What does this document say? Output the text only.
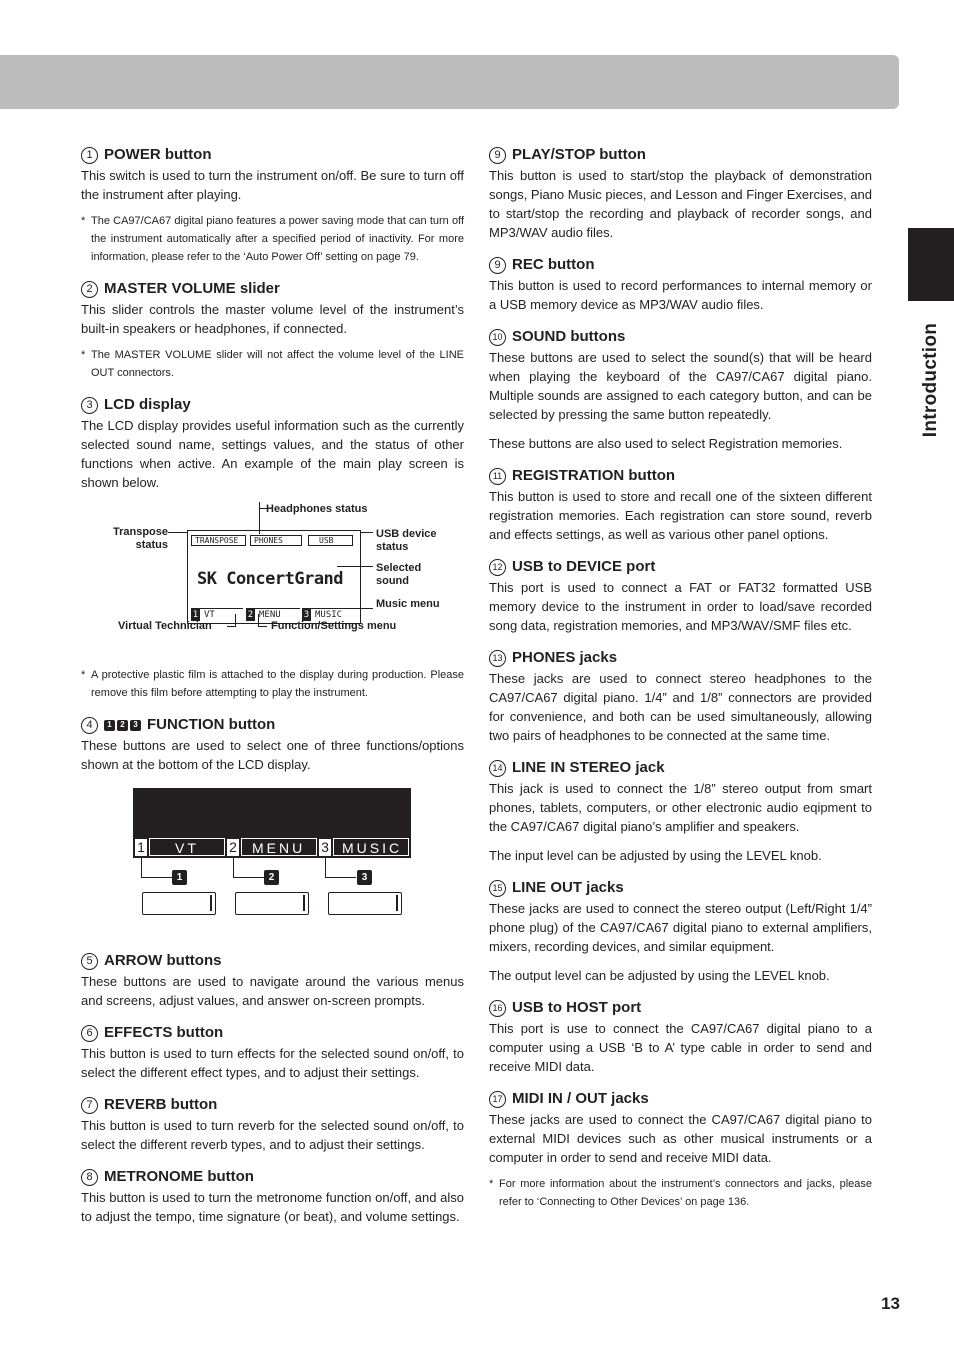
Introduction
1 POWER button

This switch is used to turn the instrument on/off. Be sure to turn off the instrument after playing.

* The CA97/CA67 digital piano features a power saving mode that can turn off the instrument automatically after a specified period of inactivity. For more information, please refer to the ‘Auto Power Off’ setting on page 79.
2 MASTER VOLUME slider

This slider controls the master volume level of the instrument’s built-in speakers or headphones, if connected.

* The MASTER VOLUME slider will not affect the volume level of the LINE OUT connectors.
3 LCD display

The LCD display provides useful information such as the currently selected sound name, settings values, and the status of other functions when active. An example of the main play screen is shown below.

TRANSPOSE	PHONES	USB
SK ConcertGrand
1 VT	2 MENU	3 MUSIC
Headphones status
Transpose
status
USB device
status
Selected
sound
Music menu
Virtual Technician	Function/Settings menu
* A protective plastic film is attached to the display during production. Please remove this film before attempting to play the instrument.
4	1	2	3 FUNCTION button

These buttons are used to select one of three functions/options shown at the bottom of the LCD display.

1	VT	2	MENU	3 MUSIC
1	2	3
5 ARROW buttons

These buttons are used to navigate around the various menus and screens, adjust values, and answer on-screen prompts.

6 EFFECTS button

This button is used to turn effects for the selected sound on/off, to select the different effect types, and to adjust their settings.

7 REVERB button

This button is used to turn reverb for the selected sound on/off, to select the different reverb types, and to adjust their settings.

8 METRONOME button

This button is used to turn the metronome function on/off, and also to adjust the tempo, time signature (or beat), and volume settings.

9 PLAY/STOP button

This button is used to start/stop the playback of demonstration songs, Piano Music pieces, and Lesson and Finger Exercises, and to start/stop the recording and playback of recorder songs, and MP3/WAV audio files.

9 REC button

This button is used to record performances to internal memory or a USB memory device as MP3/WAV audio files.

10 SOUND buttons

These buttons are used to select the sound(s) that will be heard when playing the keyboard of the CA97/CA67 digital piano. Multiple sounds are assigned to each category button, and can be selected by pressing the same button repeatedly.

These buttons are also used to select Registration memories.

11 REGISTRATION button

This button is used to store and recall one of the sixteen different registration memories. Each registration can store sound, reverb and effects settings, as well as various other panel options.

12 USB to DEVICE port

This port is used to connect a FAT or FAT32 formatted USB memory device to the instrument in order to load/save recorded song data, registration memories, and MP3/WAV/SMF files etc.

13 PHONES jacks

These jacks are used to connect stereo headphones to the CA97/CA67 digital piano. 1/4” and 1/8” connectors are provided for convenience, and both can be used simultaneously, allowing two pairs of headphones to be connected at the same time.

14 LINE IN STEREO jack

This jack is used to connect the 1/8” stereo output from smart phones, tablets, computers, or other electronic audio eqipment to the CA97/CA67 digital piano’s amplifier and speakers.

The input level can be adjusted by using the LEVEL knob.

15 LINE OUT jacks

These jacks are used to connect the stereo output (Left/Right 1/4” phone plug) of the CA97/CA67 digital piano to external amplifiers, mixers, recording devices, and similar equipment.

The output level can be adjusted by using the LEVEL knob.

16 USB to HOST port

This port is use to connect the CA97/CA67 digital piano to a computer using a USB ‘B to A’ type cable in order to send and receive MIDI data.

17 MIDI IN / OUT jacks

These jacks are used to connect the CA97/CA67 digital piano to external MIDI devices such as other musical instruments or a computer in order to send and receive MIDI data.

* For more information about the instrument’s connectors and jacks, please refer to ‘Connecting to Other Devices’ on page 136.
13
